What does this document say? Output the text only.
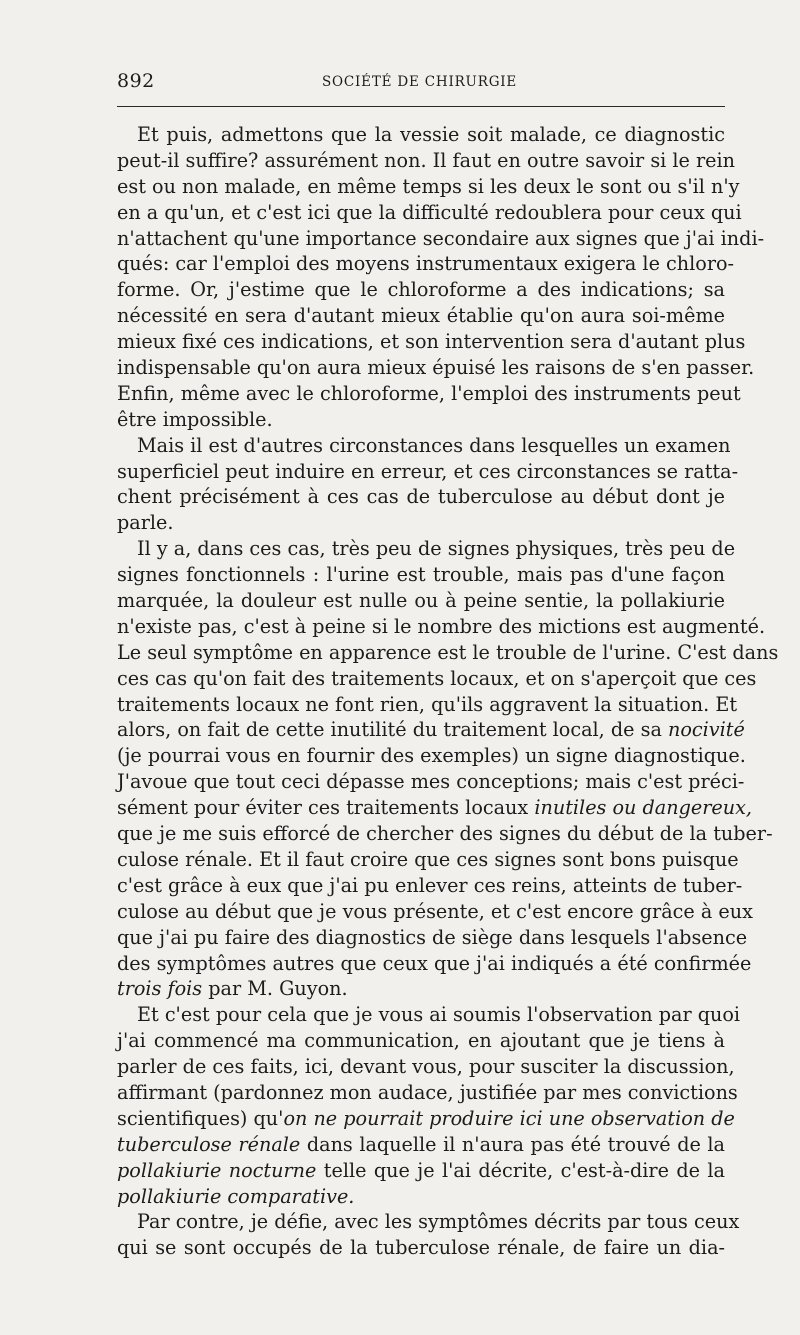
892	SOCIÉTÉ DE CHIRURGIE
Et puis, admettons que la vessie soit malade, ce diagnostic
peut-il suffire? assurément non. Il faut en outre savoir si le rein
est ou non malade, en même temps si les deux le sont ou s'il n'y
en a qu'un, et c'est ici que la difficulté redoublera pour ceux qui
n'attachent qu'une importance secondaire aux signes que j'ai indi-
qués: car l'emploi des moyens instrumentaux exigera le chloro-
forme. Or, j'estime que le chloroforme a des indications; sa
nécessité en sera d'autant mieux établie qu'on aura soi-même
mieux fixé ces indications, et son intervention sera d'autant plus
indispensable qu'on aura mieux épuisé les raisons de s'en passer.
Enfin, même avec le chloroforme, l'emploi des instruments peut
être impossible.
Mais il est d'autres circonstances dans lesquelles un examen
superficiel peut induire en erreur, et ces circonstances se ratta-
chent précisément à ces cas de tuberculose au début dont je
parle.
Il y a, dans ces cas, très peu de signes physiques, très peu de
signes fonctionnels : l'urine est trouble, mais pas d'une façon
marquée, la douleur est nulle ou à peine sentie, la pollakiurie
n'existe pas, c'est à peine si le nombre des mictions est augmenté.
Le seul symptôme en apparence est le trouble de l'urine. C'est dans
ces cas qu'on fait des traitements locaux, et on s'aperçoit que ces
traitements locaux ne font rien, qu'ils aggravent la situation. Et
alors, on fait de cette inutilité du traitement local, de sa nocivité
(je pourrai vous en fournir des exemples) un signe diagnostique.
J'avoue que tout ceci dépasse mes conceptions; mais c'est préci-
sément pour éviter ces traitements locaux inutiles ou dangereux,
que je me suis efforcé de chercher des signes du début de la tuber-
culose rénale. Et il faut croire que ces signes sont bons puisque
c'est grâce à eux que j'ai pu enlever ces reins, atteints de tuber-
culose au début que je vous présente, et c'est encore grâce à eux
que j'ai pu faire des diagnostics de siège dans lesquels l'absence
des symptômes autres que ceux que j'ai indiqués a été confirmée
trois fois par M. Guyon.
Et c'est pour cela que je vous ai soumis l'observation par quoi
j'ai commencé ma communication, en ajoutant que je tiens à
parler de ces faits, ici, devant vous, pour susciter la discussion,
affirmant (pardonnez mon audace, justifiée par mes convictions
scientifiques) qu'on ne pourrait produire ici une observation de
tuberculose rénale dans laquelle il n'aura pas été trouvé de la
pollakiurie nocturne telle que je l'ai décrite, c'est-à-dire de la
pollakiurie comparative.
Par contre, je défie, avec les symptômes décrits par tous ceux
qui se sont occupés de la tuberculose rénale, de faire un dia-
